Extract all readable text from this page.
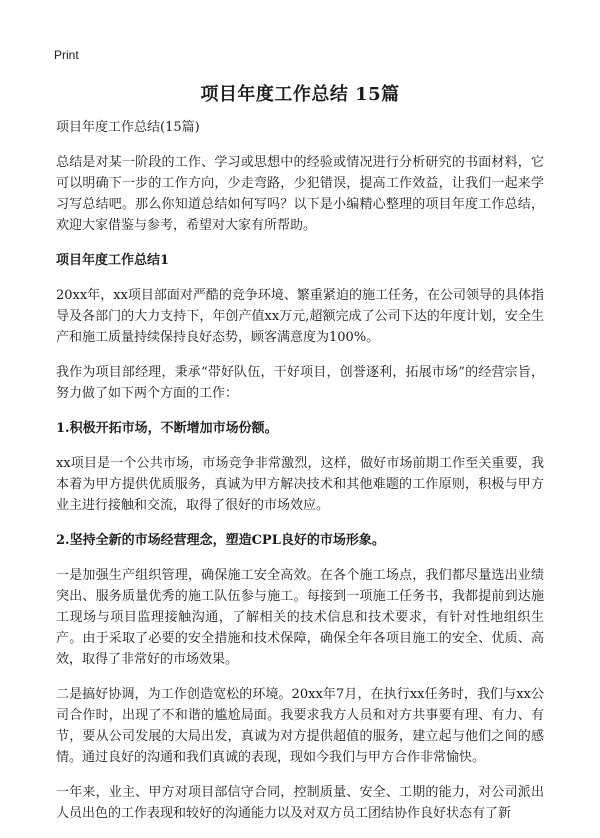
Print
项目年度工作总结 15篇

项目年度工作总结(15篇)

总结是对某一阶段的工作、学习或思想中的经验或情况进行分析研究的书面材料，它可以明确下一步的工作方向，少走弯路，少犯错误，提高工作效益，让我们一起来学习写总结吧。那么你知道总结如何写吗？以下是小编精心整理的项目年度工作总结，欢迎大家借鉴与参考，希望对大家有所帮助。

项目年度工作总结1

20xx年，xx项目部面对严酷的竞争环境、繁重紧迫的施工任务，在公司领导的具体指导及各部门的大力支持下，年创产值xx万元,超额完成了公司下达的年度计划，安全生产和施工质量持续保持良好态势，顾客满意度为100%。

我作为项目部经理，秉承“带好队伍，干好项目，创誉逐利，拓展市场”的经营宗旨，努力做了如下两个方面的工作：

1.积极开拓市场，不断增加市场份额。

xx项目是一个公共市场，市场竞争非常激烈，这样，做好市场前期工作至关重要，我本着为甲方提供优质服务，真诚为甲方解决技术和其他难题的工作原则，积极与甲方业主进行接触和交流，取得了很好的市场效应。

2.坚持全新的市场经营理念，塑造CPL良好的市场形象。

一是加强生产组织管理，确保施工安全高效。在各个施工场点，我们都尽量选出业绩突出、服务质量优秀的施工队伍参与施工。每接到一项施工任务书，我都提前到达施工现场与项目监理接触沟通，了解相关的技术信息和技术要求，有针对性地组织生产。由于采取了必要的安全措施和技术保障，确保全年各项目施工的安全、优质、高效，取得了非常好的市场效果。

二是搞好协调，为工作创造宽松的环境。20xx年7月，在执行xx任务时，我们与xx公司合作时，出现了不和谐的尴尬局面。我要求我方人员和对方共事要有理、有力、有节，要从公司发展的大局出发，真诚为对方提供超值的服务，建立起与他们之间的感情。通过良好的沟通和我们真诚的表现，现如今我们与甲方合作非常愉快。

一年来，业主、甲方对项目部信守合同，控制质量、安全、工期的能力，对公司派出人员出色的工作表现和较好的沟通能力以及对双方员工团结协作良好状态有了新
